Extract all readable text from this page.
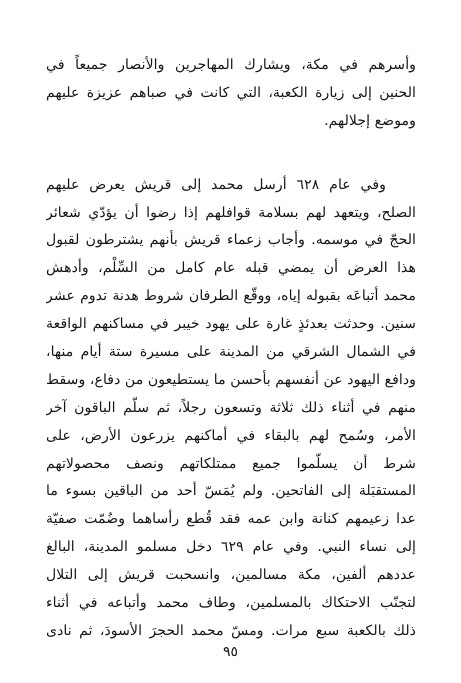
وأسرهم في مكة، ويشارك المهاجرين والأنصار جميعاً في
الحنين إلى زيارة الكعبة، التي كانت في صباهم عزيزة عليهم
وموضع إجلالهم.
وفي عام ٦٢٨ أرسل محمد إلى قريش يعرض عليهم
الصلح، ويتعهد لهم بسلامة قوافلهم إذا رضوا أن يؤدّي شعائر
الحجّ في موسمه. وأجاب زعماء قريش بأنهم يشترطون لقبول
هذا العرض أن يمضي قبله عام كامل من السِّلْم، وأدهش
محمد أتباعَه بقبوله إياه، ووقّع الطرفان شروط هدنة تدوم عشر
سنين. وحدثت بعدئذٍ غارة على يهود خيبر في مساكنهم الواقعة
في الشمال الشرقي من المدينة على مسيرة ستة أيام منها،
ودافع اليهود عن أنفسهم بأحسن ما يستطيعون من دفاع، وسقط
منهم في أثناء ذلك ثلاثة وتسعون رجلاً، ثم سلّم الباقون آخر
الأمر، وسُمح لهم بالبقاء في أماكنهم يزرعون الأرض، على
شرط أن يسلّموا جميع ممتلكاتهم ونصف محصولاتهم
المستقبَلة إلى الفاتحين. ولم يُمَسّ أحد من الباقين بسوء ما
عدا زعيمهم كنانة وابن عمه فقد قُطع رأساهما وضُمّت صفيّة
إلى نساء النبي. وفي عام ٦٢٩ دخل مسلمو المدينة، البالغ
عددهم ألفين، مكة مسالمين، وانسحبت قريش إلى التلال
لتجنّب الاحتكاك بالمسلمين، وطاف محمد وأتباعه في أثناء
ذلك بالكعبة سبع مرات. ومسّ محمد الحجرَ الأسودَ، ثم نادى
٩٥
